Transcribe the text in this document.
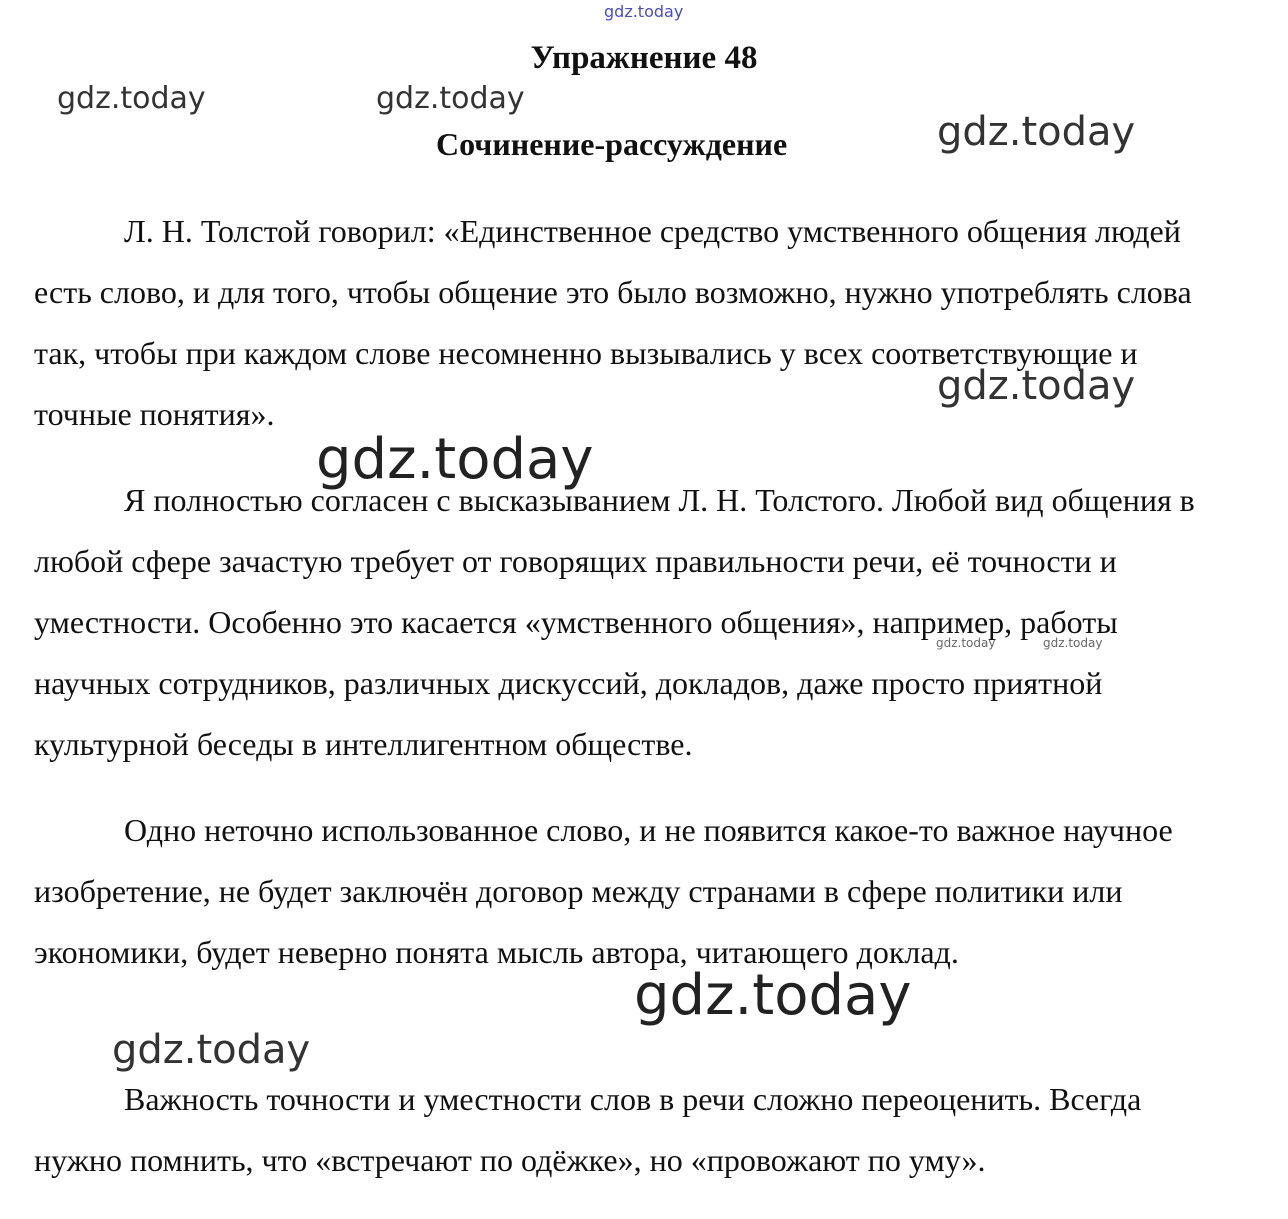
gdz.today
Упражнение 48
gdz.today	gdz.today
Сочинение-рассуждение	gdz.today

Л. Н. Толстой говорил: «Единственное средство умственного общения людей есть слово, и для того, чтобы общение это было возможно, нужно употреблять слова так, чтобы при каждом слове несомненно вызывались у всех соответствующие и точные понятия».

gdz.today
gdz.today

Я полностью согласен с высказыванием Л. Н. Толстого. Любой вид общения в любой сфере зачастую требует от говорящих правильности речи, её точности и уместности. Особенно это касается «умственного общения», например, работы научных сотрудников, различных дискуссий, докладов, даже просто приятной культурной беседы в интеллигентном обществе.

gdz.today	gdz.today

Одно неточно использованное слово, и не появится какое-то важное научное изобретение, не будет заключён договор между странами в сфере политики или экономики, будет неверно понята мысль автора, читающего доклад.

gdz.today
gdz.today

Важность точности и уместности слов в речи сложно переоценить. Всегда нужно помнить, что «встречают по одёжке», но «провожают по уму».
